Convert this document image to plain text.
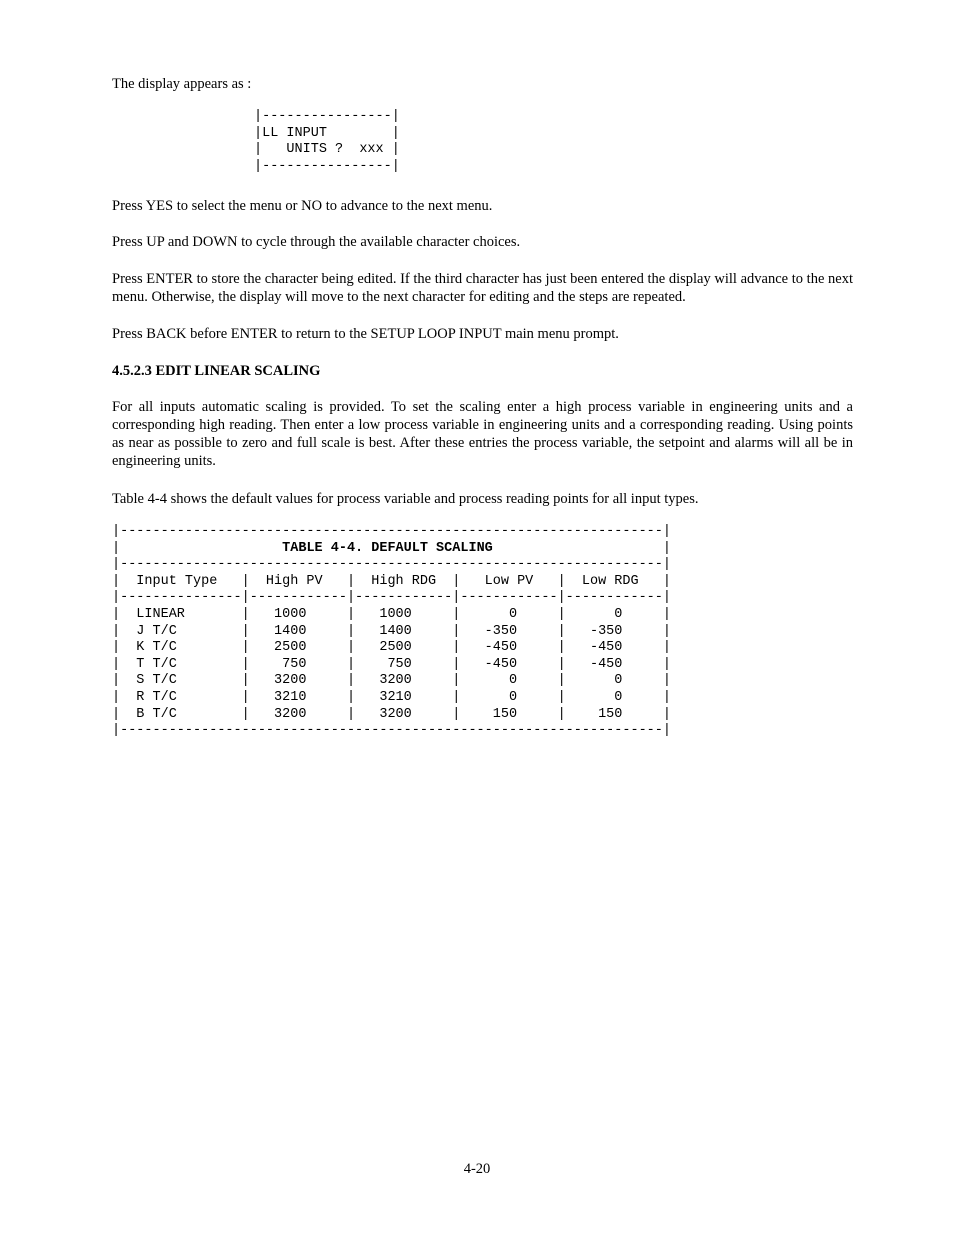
The display appears as :

|----------------|
|LL INPUT        |
|   UNITS ?  xxx |
|----------------|

Press YES to select the menu or NO to advance to the next menu.

Press UP and DOWN to cycle through the available character choices.

Press ENTER to store the character being edited. If the third character has just been entered the display will advance to the next menu. Otherwise, the display will move to the next character for editing and the steps are repeated.

Press BACK before ENTER to return to the SETUP LOOP INPUT main menu prompt.

4.5.2.3 EDIT LINEAR SCALING

For all inputs automatic scaling is provided. To set the scaling enter a high process variable in engineering units and a corresponding high reading. Then enter a low process variable in engineering units and a corresponding reading. Using points as near as possible to zero and full scale is best. After these entries the process variable, the setpoint and alarms will all be in engineering units.

Table 4-4 shows the default values for process variable and process reading points for all input types.

|-------------------------------------------------------------------|
|                    TABLE 4-4. DEFAULT SCALING                     |
|-------------------------------------------------------------------|
|  Input Type   |  High PV   |  High RDG  |   Low PV   |  Low RDG   |
|---------------|------------|------------|------------|------------|
|  LINEAR       |   1000     |   1000     |      0     |      0     |
|  J T/C        |   1400     |   1400     |   -350     |   -350     |
|  K T/C        |   2500     |   2500     |   -450     |   -450     |
|  T T/C        |    750     |    750     |   -450     |   -450     |
|  S T/C        |   3200     |   3200     |      0     |      0     |
|  R T/C        |   3210     |   3210     |      0     |      0     |
|  B T/C        |   3200     |   3200     |    150     |    150     |
|-------------------------------------------------------------------|

4-20
